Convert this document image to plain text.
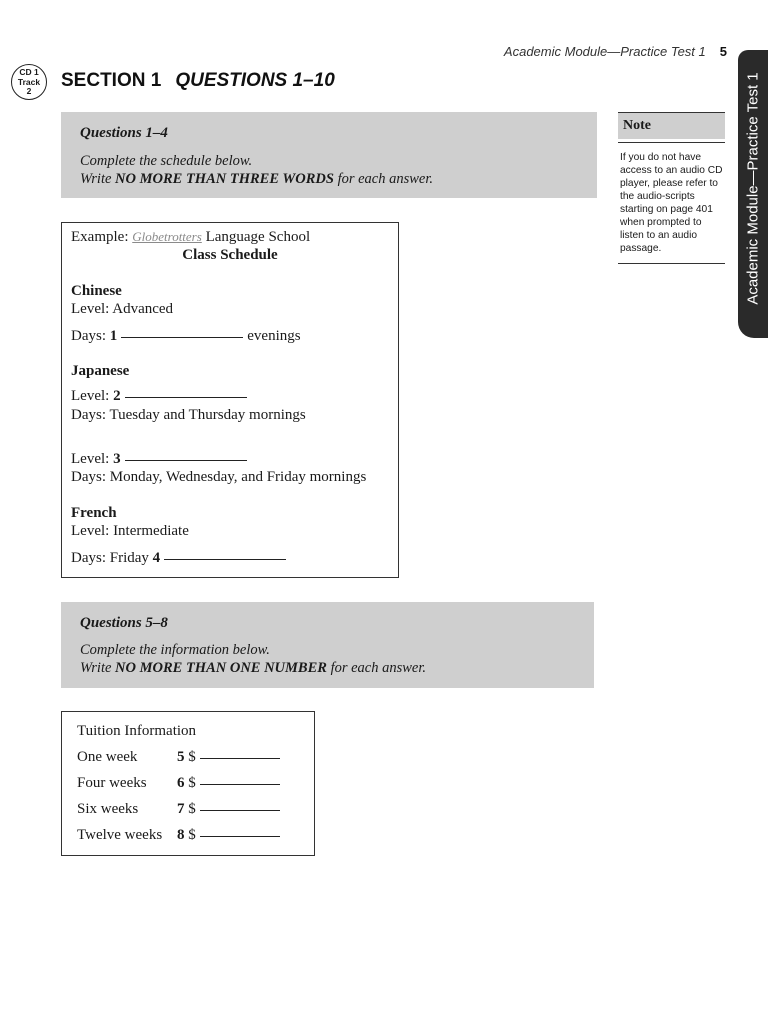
Academic Module—Practice Test 1 5
Academic Module—Practice Test 1
CD 1
Track
2	SECTION 1 QUESTIONS 1–10
Questions 1–4
Complete the schedule below.
Write NO MORE THAN THREE WORDS for each answer.
Note
If you do not have access to an audio CD player, please refer to the audio-scripts starting on page 401 when prompted to listen to an audio passage.
Example: Globetrotters Language School
Class Schedule
Chinese
Level: Advanced
Days: 1	evenings
Japanese
Level: 2
Days: Tuesday and Thursday mornings
Level: 3
Days: Monday, Wednesday, and Friday mornings
French
Level: Intermediate
Days: Friday 4
Questions 5–8
Complete the information below.
Write NO MORE THAN ONE NUMBER for each answer.
Tuition Information
One week	5 $
Four weeks 6 $
Six weeks	7 $
Twelve weeks 8 $
